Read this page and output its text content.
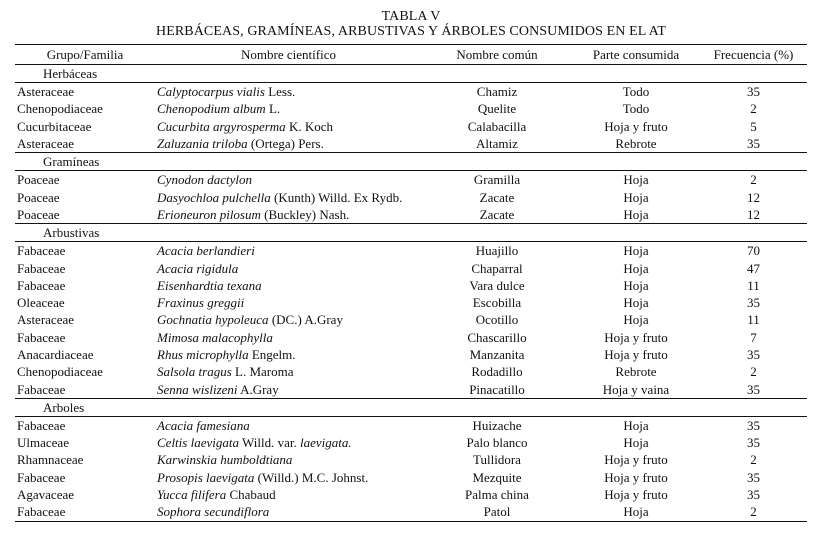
TABLA V
HERBÁCEAS, GRAMÍNEAS, ARBUSTIVAS Y ÁRBOLES CONSUMIDOS EN EL AT
Grupo/Familia	Nombre científico	Nombre común	Parte consumida	Frecuencia (%)
Herbáceas				
Asteraceae	Calyptocarpus vialis Less.	Chamiz	Todo	35
Chenopodiaceae	Chenopodium album L.	Quelite	Todo	2
Cucurbitaceae	Cucurbita argyrosperma K. Koch	Calabacilla	Hoja y fruto	5
Asteraceae	Zaluzania triloba (Ortega) Pers.	Altamiz	Rebrote	35
Gramíneas				
Poaceae	Cynodon dactylon	Gramilla	Hoja	2
Poaceae	Dasyochloa pulchella (Kunth) Willd. Ex Rydb.	Zacate	Hoja	12
Poaceae	Erioneuron pilosum (Buckley) Nash.	Zacate	Hoja	12
Arbustivas				
Fabaceae	Acacia berlandieri	Huajillo	Hoja	70
Fabaceae	Acacia rigidula	Chaparral	Hoja	47
Fabaceae	Eisenhardtia texana	Vara dulce	Hoja	11
Oleaceae	Fraxinus greggii	Escobilla	Hoja	35
Asteraceae	Gochnatia hypoleuca (DC.) A.Gray	Ocotillo	Hoja	11
Fabaceae	Mimosa malacophylla	Chascarillo	Hoja y fruto	7
Anacardiaceae	Rhus microphylla Engelm.	Manzanita	Hoja y fruto	35
Chenopodiaceae	Salsola tragus L. Maroma	Rodadillo	Rebrote	2
Fabaceae	Senna wislizeni A.Gray	Pinacatillo	Hoja y vaina	35
Arboles				
Fabaceae	Acacia famesiana	Huizache	Hoja	35
Ulmaceae	Celtis laevigata Willd. var. laevigata.	Palo blanco	Hoja	35
Rhamnaceae	Karwinskia humboldtiana	Tullidora	Hoja y fruto	2
Fabaceae	Prosopis laevigata (Willd.) M.C. Johnst.	Mezquite	Hoja y fruto	35
Agavaceae	Yucca filifera Chabaud	Palma china	Hoja y fruto	35
Fabaceae	Sophora secundiflora	Patol	Hoja	2
